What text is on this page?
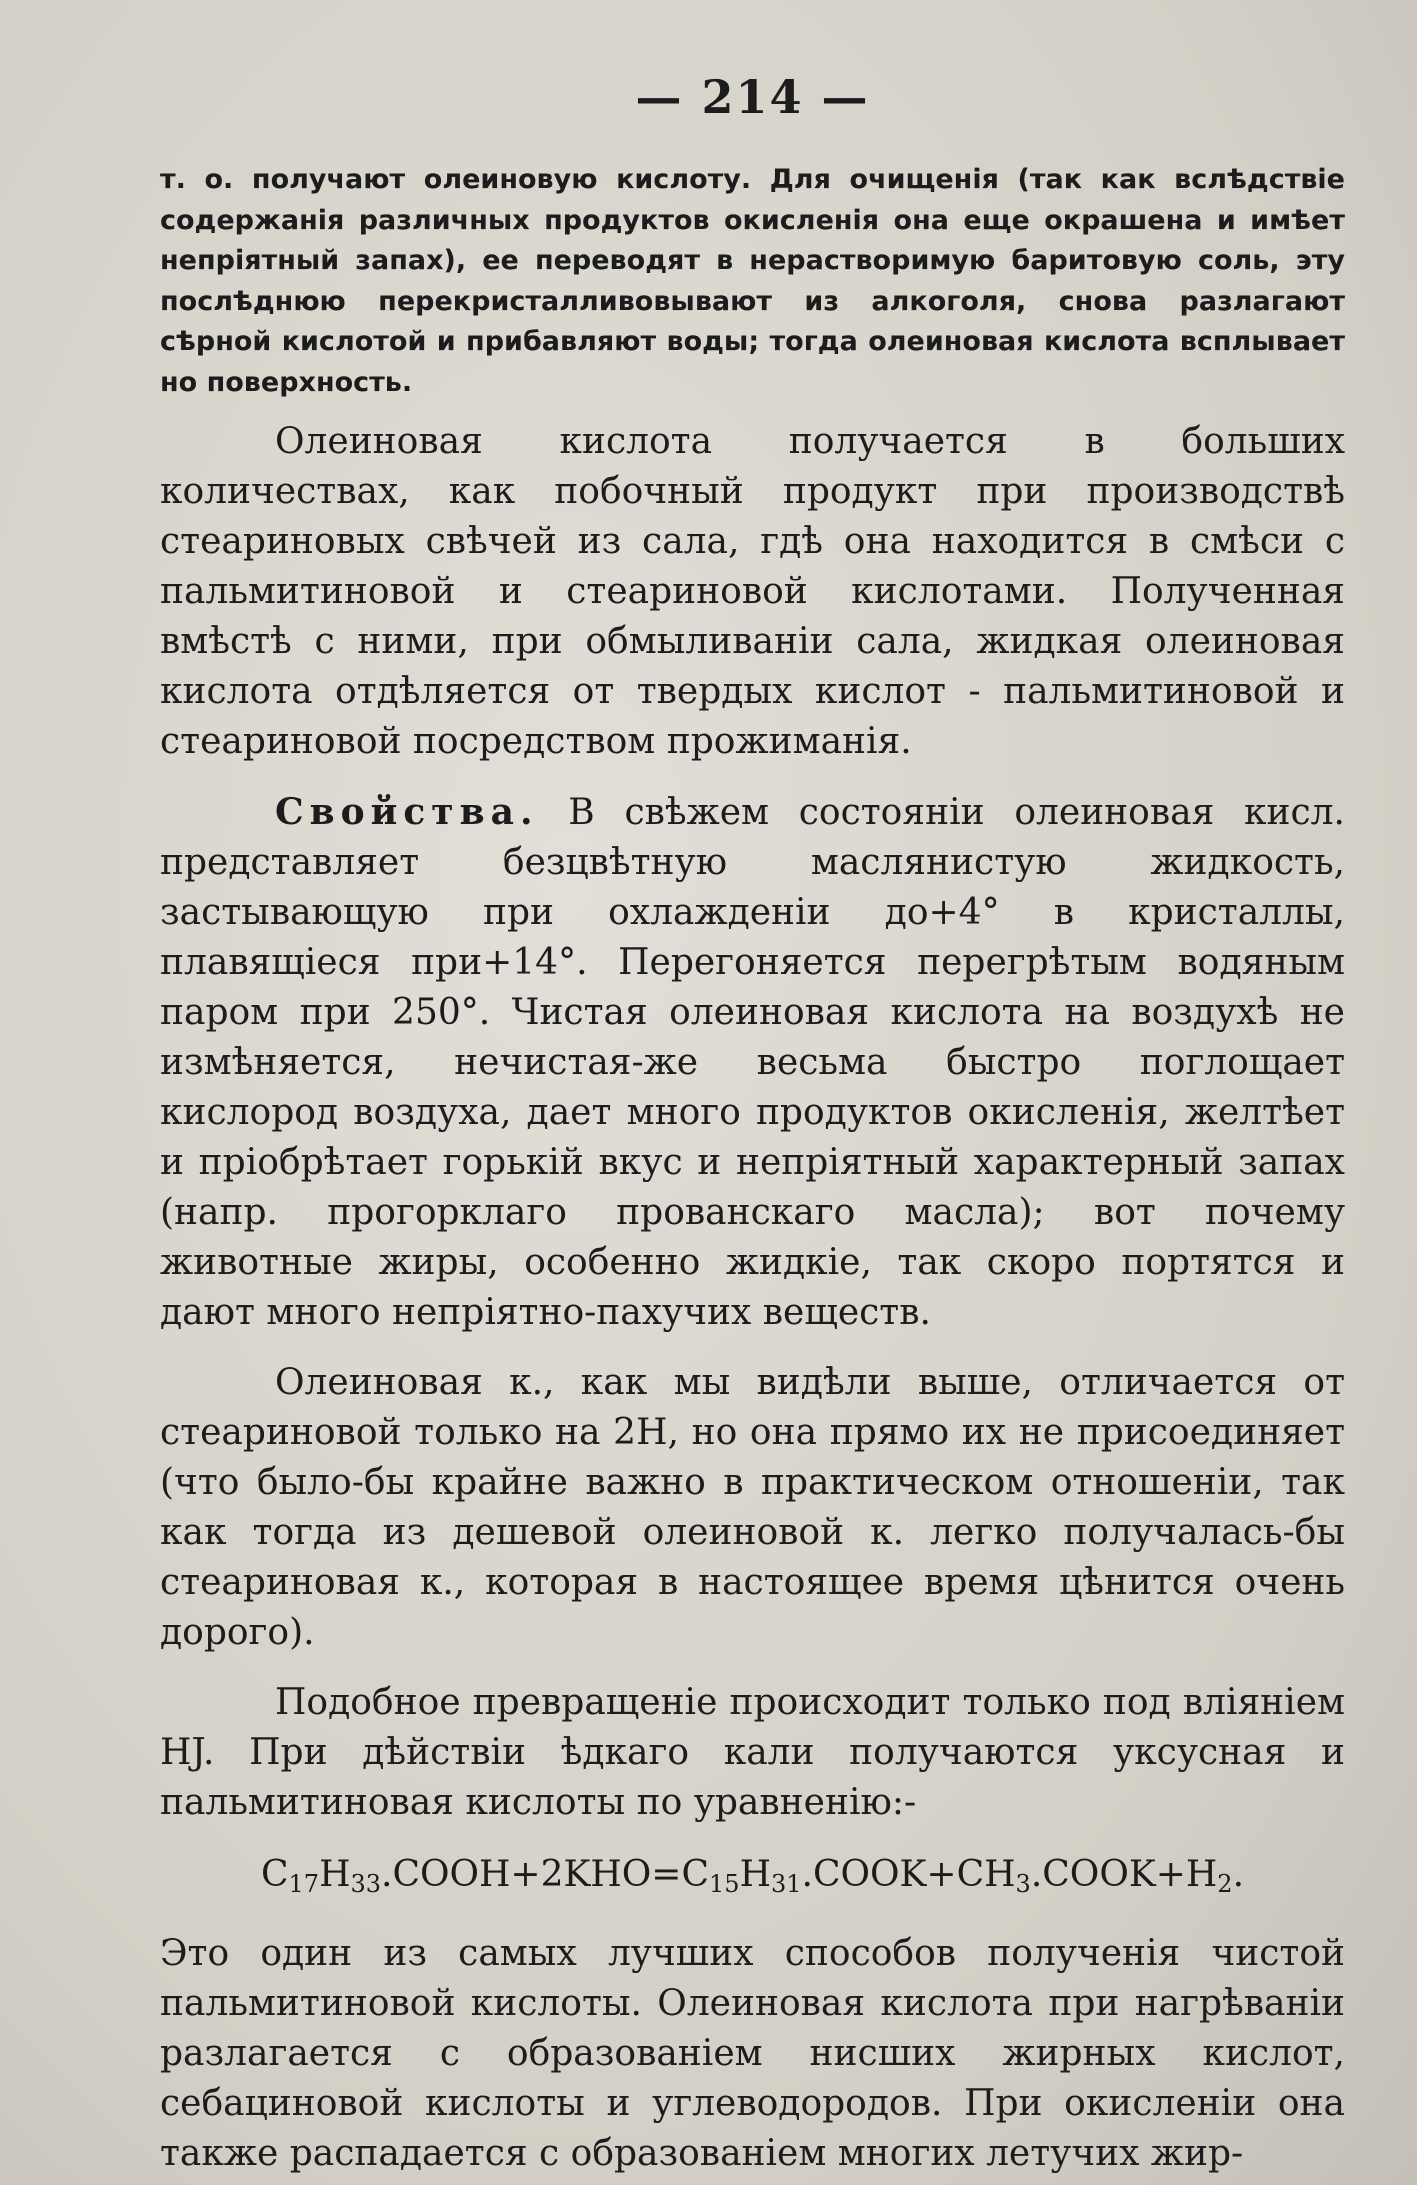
— 214 —

т. о. получают олеиновую кислоту. Для очищенія (так как вслѣдствіе содержанія различных продуктов окисленія она еще окрашена и имѣет непріятный запах), ее переводят в нерастворимую баритовую соль, эту послѣднюю перекристалливовывают из алкоголя, снова разлагают сѣрной кислотой и прибавляют воды; тогда олеиновая кислота всплывает но поверхность.

Олеиновая кислота получается в больших количествах, как побочный продукт при производствѣ стеариновых свѣчей из сала, гдѣ она находится в смѣси с пальмитиновой и стеариновой кислотами. Полученная вмѣстѣ с ними, при обмыливаніи сала, жидкая олеиновая кислота отдѣляется от твердых кислот - пальмитиновой и стеариновой посредством прожиманія.

Свойства. В свѣжем состояніи олеиновая кисл. представляет безцвѣтную маслянистую жидкость, застывающую при охлажденіи до+4° в кристаллы, плавящіеся при+14°. Перегоняется перегрѣтым водяным паром при 250°. Чистая олеиновая кислота на воздухѣ не измѣняется, нечистая-же весьма быстро поглощает кислород воздуха, дает много продуктов окисленія, желтѣет и пріобрѣтает горькій вкус и непріятный характерный запах (напр. прогорклаго прованскаго масла); вот почему животные жиры, особенно жидкіе, так скоро портятся и дают много непріятно-пахучих веществ.

Олеиновая к., как мы видѣли выше, отличается от стеариновой только на 2Н, но она прямо их не присоединяет (что было-бы крайне важно в практическом отношеніи, так как тогда из дешевой олеиновой к. легко получалась-бы стеариновая к., которая в настоящее время цѣнится очень дорого).

Подобное превращеніе происходит только под вліяніем HJ. При дѣйствіи ѣдкаго кали получаются уксусная и пальмитиновая кислоты по уравненію:-

$C_{17}H_{33}.COOH+2KHO=C_{15}H_{31}.COOK+CH_3.COOK+H_2$.

Это один из самых лучших способов полученія чистой пальмитиновой кислоты. Олеиновая кислота при нагрѣваніи разлагается с образованіем нисших жирных кислот, себациновой кислоты и углеводородов. При окисленіи она также распадается с образованіем многих летучих жир-
